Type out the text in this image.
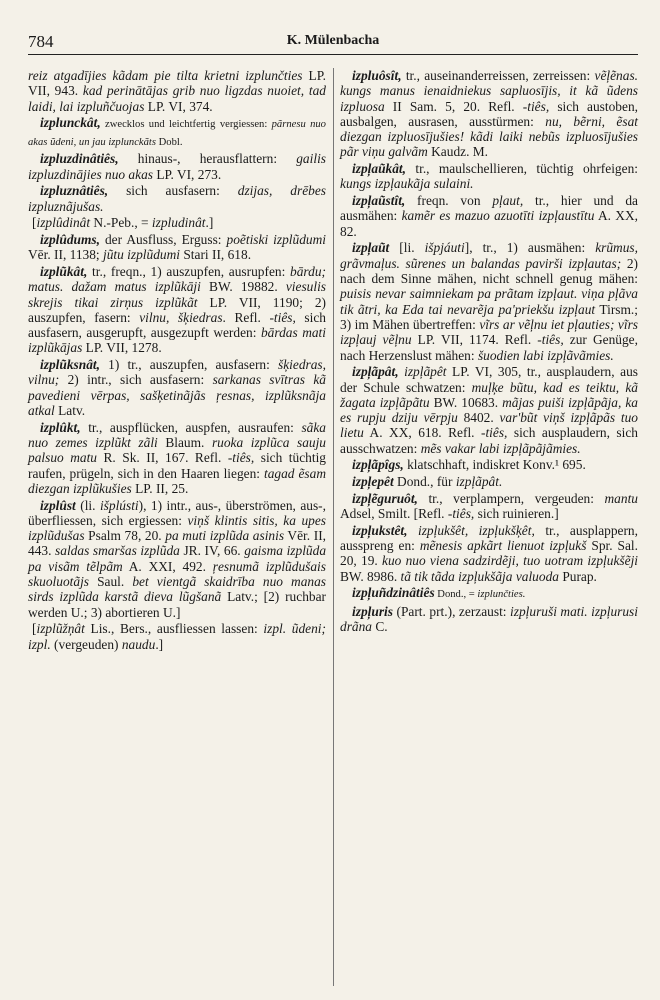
784	K. Mülenbacha

reiz atgadījies kãdam pie tilta krietni izplunčties LP. VII, 943. kad perinātājas grib nuo ligzdas nuoiet, tad laidi, lai izpluñčuojas LP. VI, 374.

izplunckât, zwecklos und leichtfertig vergiessen: pãrnesu nuo akas ũdeni, un jau izplunckãts Dobl.

izpluzdinâtiês, hinaus-, herausflattern: gailis izpluzdinājies nuo akas LP. VI, 273.

izpluznâtiês, sich ausfasern: dzijas, drēbes izpluznãjušas.

[izplûdinât N.-Peb., = izpludinât.]

izplûdums, der Ausfluss, Erguss: poẽtiski izplũdumi Vēr. II, 1138; jũtu izplũdumi Stari II, 618.

izplũkât, tr., freqn., 1) auszupfen, ausrupfen: bārdu; matus. dažam matus izplũkāji BW. 19882. viesulis skrejis tikai zirņus izplũkãt LP. VII, 1190; 2) auszupfen, fasern: vilnu, šķiedras. Refl. -tiês, sich ausfasern, ausgerupft, ausgezupft werden: bārdas mati izplũkājas LP. VII, 1278.

izplũksnât, 1) tr., auszupfen, ausfasern: šķiedras, vilnu; 2) intr., sich ausfasern: sarkanas svītras kã pavedieni vērpas, sašķetinãjãs ŗesnas, izplũksnãja atkal Latv.

izplûkt, tr., auspflücken, auspfen, ausraufen: sãka nuo zemes izplũkt zãli Blaum. ruoka izplũca sauju palsuo matu R. Sk. II, 167. Refl. -tiês, sich tüchtig raufen, prügeln, sich in den Haaren liegen: tagad ẽsam diezgan izplũkušies LP. II, 25.

izplûst (li. išplústi), 1) intr., aus-, überströmen, aus-, überfliessen, sich ergiessen: viņš klintis sitis, ka upes izplũdušas Psalm 78, 20. pa muti izplũda asinis Vēr. II, 443. saldas smaršas izplũda JR. IV, 66. gaisma izplũda pa visãm tẽlpãm A. XXI, 492. ŗesnumã izplũdušais skuoluotãjs Saul. bet vientgã skaidrība nuo manas sirds izplũda karstã dieva lũgšanã Latv.; [2) ruchbar werden U.; 3) abortieren U.]

[izplũžņât Lis., Bers., ausfliessen lassen: izpl. ũdeni; izpl. (vergeuden) naudu.]

izpluôsît, tr., auseinanderreissen, zerreissen: vẽļẽnas. kungs manus ienaidniekus sapluosījis, it kã ũdens izpluosa II Sam. 5, 20. Refl. -tiês, sich austoben, ausbalgen, ausrasen, ausstürmen: nu, bẽrni, ẽsat diezgan izpluosījušies! kãdi laiki nebũs izpluosījušies pãr viņu galvãm Kaudz. M.

izpļaũkât, tr., maulschellieren, tüchtig ohrfeigen: kungs izpļaukãja sulaini.

izpļaũstît, freqn. von pļaut, tr., hier und da ausmähen: kamẽr es mazuo azuotīti izpļaustītu A. XX, 82.

izpļaũt [li. išpjáuti], tr., 1) ausmähen: krũmus, grãvmaļus. sũrenes un balandas pavirši izpļautas; 2) nach dem Sinne mähen, nicht schnell genug mähen: puisis nevar saimniekam pa prãtam izpļaut. viņa pļãva tik ãtri, ka Eda tai nevarẽja pa'priekšu izpļaut Tirsm.; 3) im Mähen übertreffen: vĩrs ar vẽļnu iet pļauties; vĩrs izpļauj vẽļnu LP. VII, 1174. Refl. -tiês, zur Genüge, nach Herzenslust mähen: šuodien labi izpļãvãmies.

izpļãpât, izpļãpêt LP. VI, 305, tr., ausplaudern, aus der Schule schwatzen: muļķe bũtu, kad es teiktu, kã žagata izpļãpãtu BW. 10683. mãjas puiši izpļãpãja, ka es rupju dziju vērpju 8402. var'bũt viņš izpļãpãs tuo lietu A. XX, 618. Refl. -tiês, sich ausplaudern, sich ausschwatzen: mẽs vakar labi izpļãpãjãmies.

izpļãpîgs, klatschhaft, indiskret Konv.¹ 695.

izpļepêt Dond., für izpļãpât.

izpļẽguruôt, tr., verplampern, vergeuden: mantu Adsel, Smilt. [Refl. -tiês, sich ruinieren.]

izpļukstêt, izpļukšêt, izpļukšķêt, tr., ausplappern, ausspreng en: mẽnesis apkãrt lienuot izpļukš Spr. Sal. 20, 19. kuo nuo vienа sadzirdẽji, tuo uotram izpļukšẽji BW. 8986. tã tik tãda izpļukšãja valuoda Purap.

izpļuñdzinâtiês Dond., = izplunčties.

izpļuris (Part. prt.), zerzaust: izpļuruši mati. izpļurusi drãna C.
